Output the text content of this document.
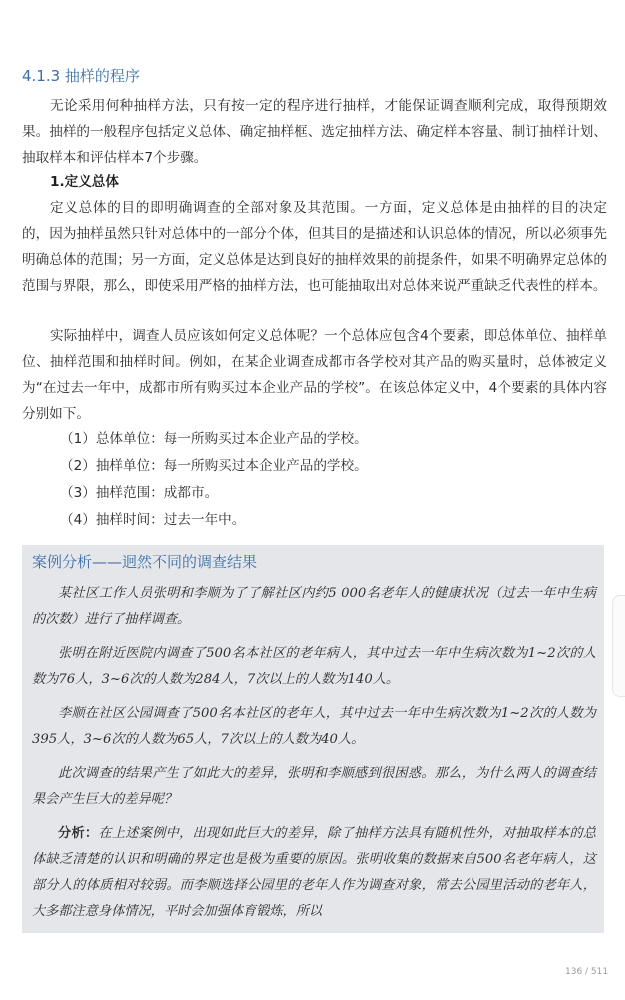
4.1.3 抽样的程序

无论采用何种抽样方法，只有按一定的程序进行抽样，才能保证调查顺利完成，取得预期效果。抽样的一般程序包括定义总体、确定抽样框、选定抽样方法、确定样本容量、制订抽样计划、抽取样本和评估样本7个步骤。

1.定义总体

定义总体的目的即明确调查的全部对象及其范围。一方面，定义总体是由抽样的目的决定的，因为抽样虽然只针对总体中的一部分个体，但其目的是描述和认识总体的情况，所以必须事先明确总体的范围；另一方面，定义总体是达到良好的抽样效果的前提条件，如果不明确界定总体的范围与界限，那么，即使采用严格的抽样方法，也可能抽取出对总体来说严重缺乏代表性的样本。

实际抽样中，调查人员应该如何定义总体呢？一个总体应包含4个要素，即总体单位、抽样单位、抽样范围和抽样时间。例如，在某企业调查成都市各学校对其产品的购买量时，总体被定义为“在过去一年中，成都市所有购买过本企业产品的学校”。在该总体定义中，4个要素的具体内容分别如下。

（1）总体单位：每一所购买过本企业产品的学校。
（2）抽样单位：每一所购买过本企业产品的学校。
（3）抽样范围：成都市。
（4）抽样时间：过去一年中。
案例分析——迥然不同的调查结果

某社区工作人员张明和李顺为了了解社区内约5 000名老年人的健康状况（过去一年中生病的次数）进行了抽样调查。

张明在附近医院内调查了500名本社区的老年病人，其中过去一年中生病次数为1~2次的人数为76人，3~6次的人数为284人，7次以上的人数为140人。

李顺在社区公园调查了500名本社区的老年人，其中过去一年中生病次数为1~2次的人数为395人，3~6次的人数为65人，7次以上的人数为40人。

此次调查的结果产生了如此大的差异，张明和李顺感到很困惑。那么，为什么两人的调查结果会产生巨大的差异呢？

分析：在上述案例中，出现如此巨大的差异，除了抽样方法具有随机性外，对抽取样本的总体缺乏清楚的认识和明确的界定也是极为重要的原因。张明收集的数据来自500名老年病人，这部分人的体质相对较弱。而李顺选择公园里的老年人作为调查对象，常去公园里活动的老年人，大多都注意身体情况，平时会加强体育锻炼，所以

136 / 511
